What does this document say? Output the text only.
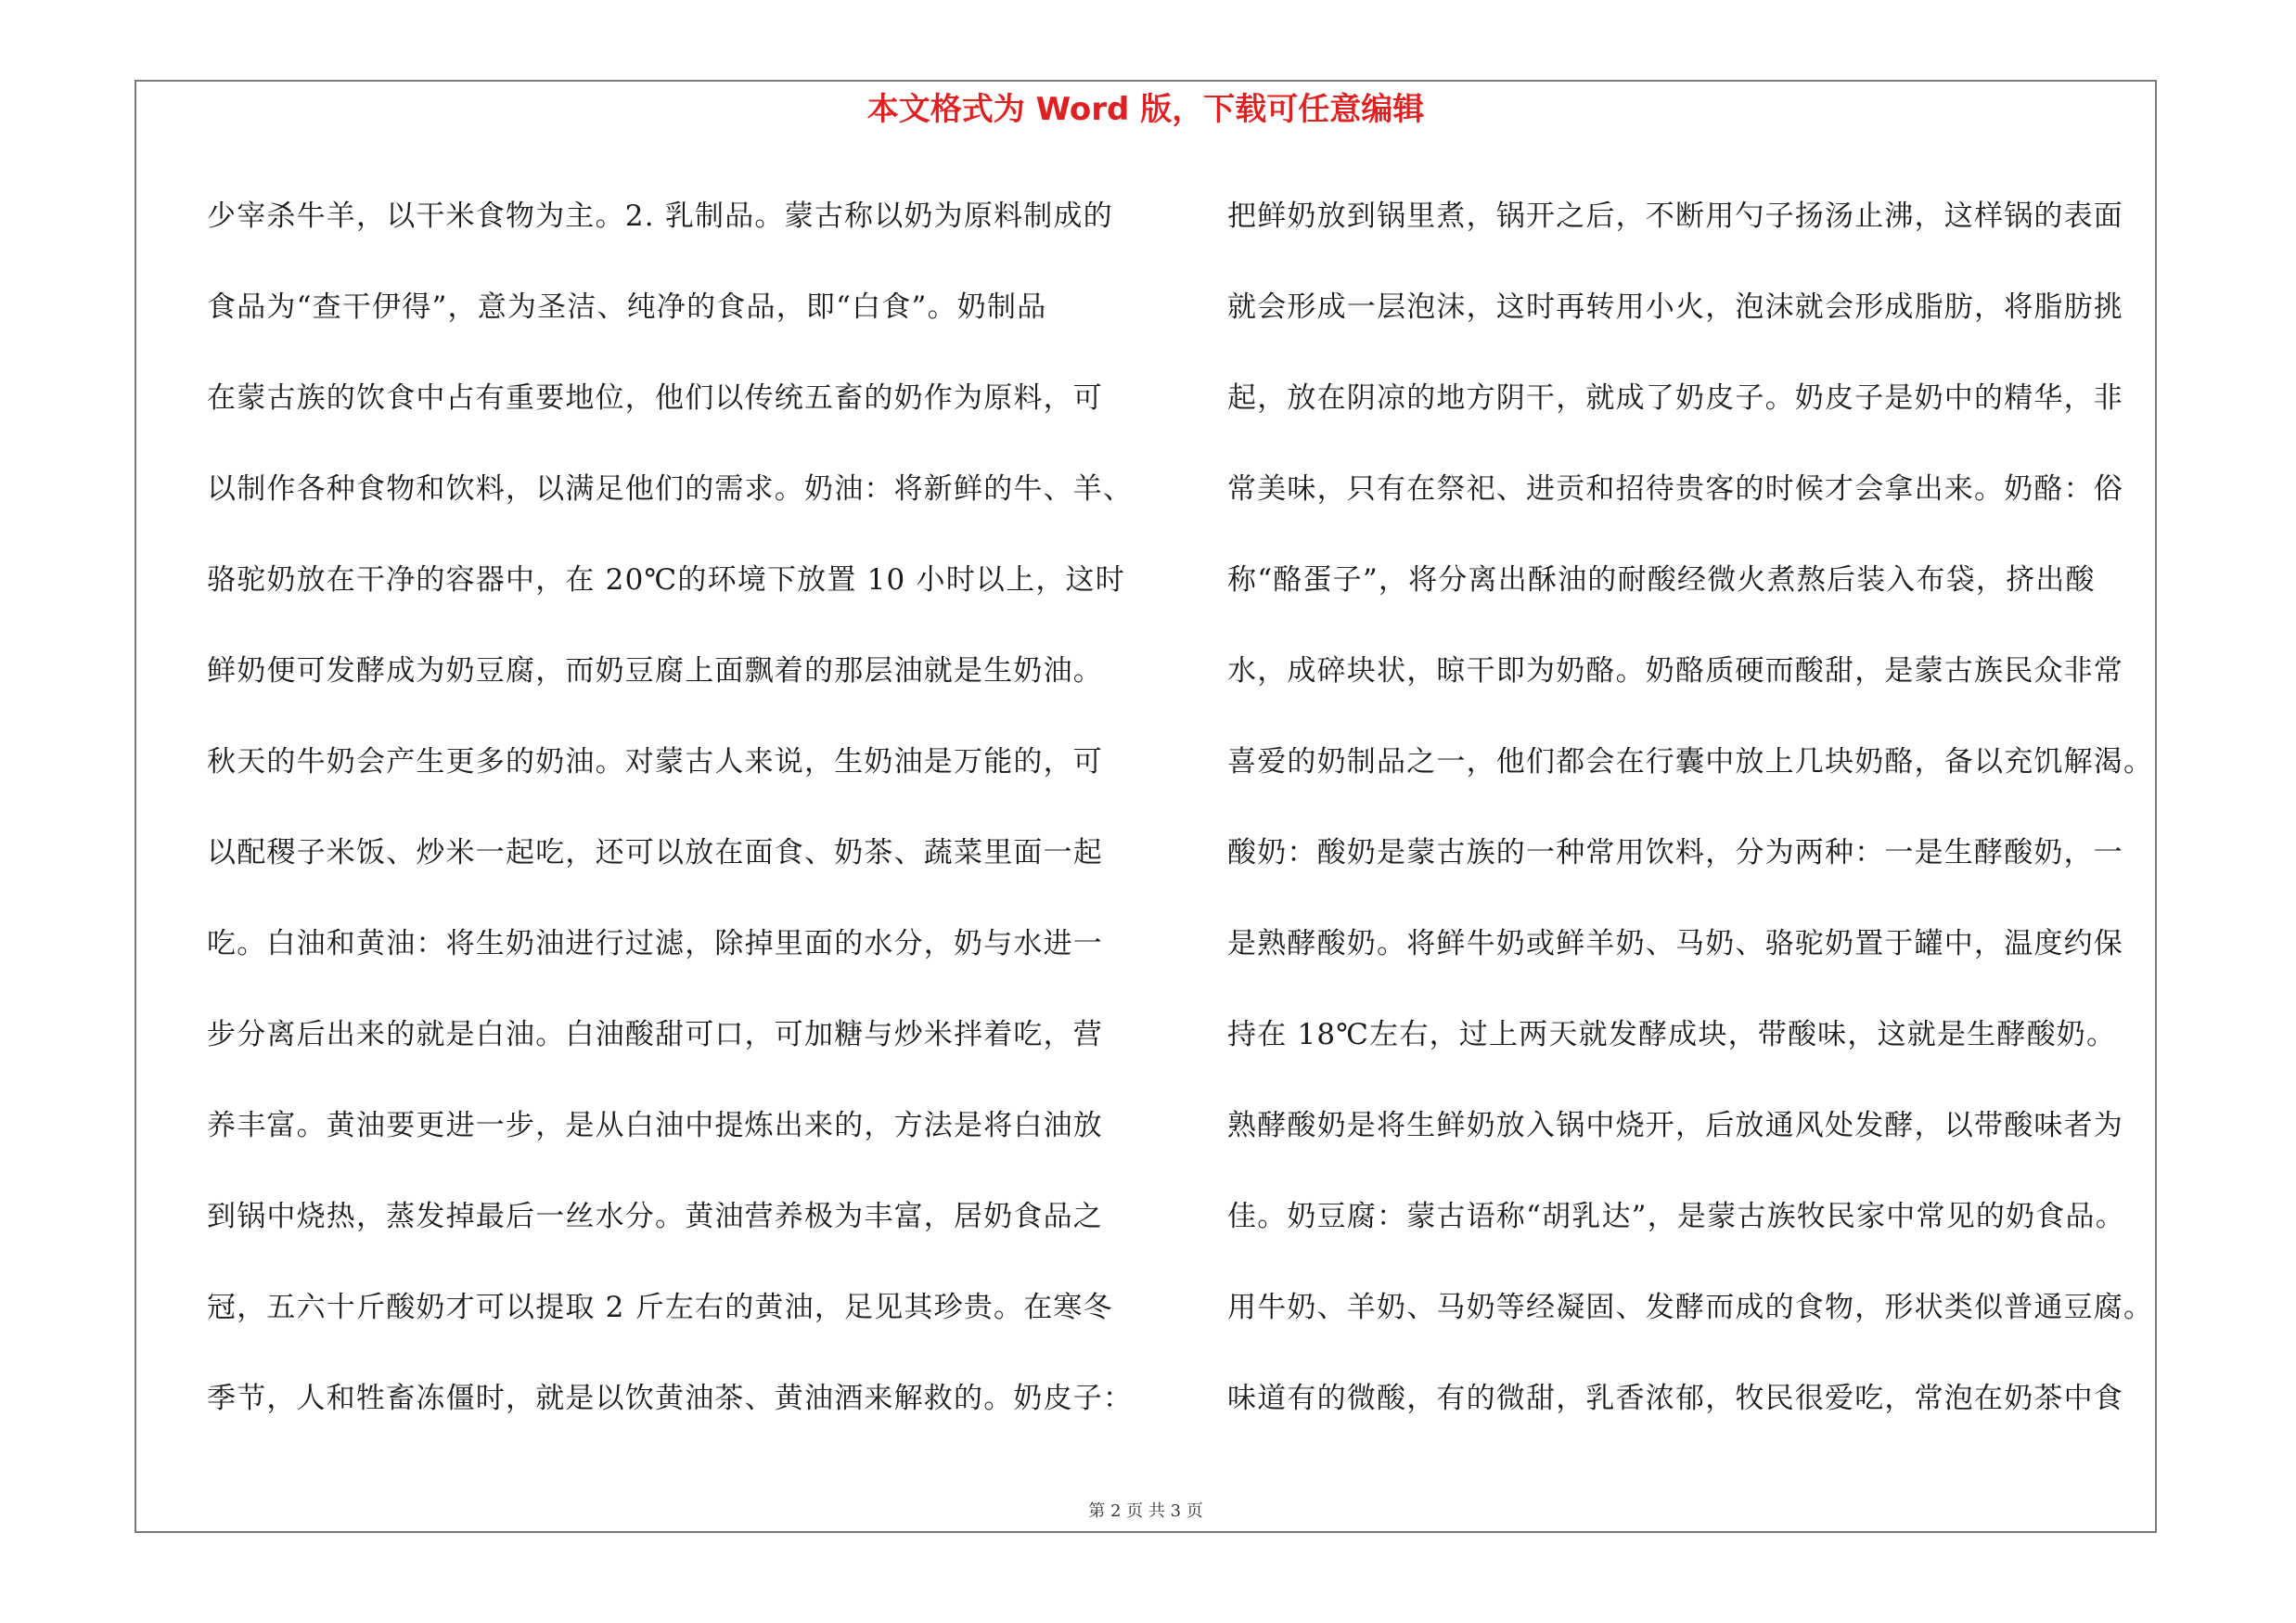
本文格式为 Word 版，下载可任意编辑
少宰杀牛羊，以干米食物为主。2. 乳制品。蒙古称以奶为原料制成的
食品为“查干伊得”，意为圣洁、纯净的食品，即“白食”。奶制品
在蒙古族的饮食中占有重要地位，他们以传统五畜的奶作为原料，可
以制作各种食物和饮料，以满足他们的需求。奶油：将新鲜的牛、羊、
骆驼奶放在干净的容器中，在 20℃的环境下放置 10 小时以上，这时
鲜奶便可发酵成为奶豆腐，而奶豆腐上面飘着的那层油就是生奶油。
秋天的牛奶会产生更多的奶油。对蒙古人来说，生奶油是万能的，可
以配稷子米饭、炒米一起吃，还可以放在面食、奶茶、蔬菜里面一起
吃。白油和黄油：将生奶油进行过滤，除掉里面的水分，奶与水进一
步分离后出来的就是白油。白油酸甜可口，可加糖与炒米拌着吃，营
养丰富。黄油要更进一步，是从白油中提炼出来的，方法是将白油放
到锅中烧热，蒸发掉最后一丝水分。黄油营养极为丰富，居奶食品之
冠，五六十斤酸奶才可以提取 2 斤左右的黄油，足见其珍贵。在寒冬
季节，人和牲畜冻僵时，就是以饮黄油茶、黄油酒来解救的。奶皮子：
把鲜奶放到锅里煮，锅开之后，不断用勺子扬汤止沸，这样锅的表面
就会形成一层泡沫，这时再转用小火，泡沫就会形成脂肪，将脂肪挑
起，放在阴凉的地方阴干，就成了奶皮子。奶皮子是奶中的精华，非
常美味，只有在祭祀、进贡和招待贵客的时候才会拿出来。奶酪：俗
称“酪蛋子”，将分离出酥油的耐酸经微火煮熬后装入布袋，挤出酸
水，成碎块状，晾干即为奶酪。奶酪质硬而酸甜，是蒙古族民众非常
喜爱的奶制品之一，他们都会在行囊中放上几块奶酪，备以充饥解渴。
酸奶：酸奶是蒙古族的一种常用饮料，分为两种：一是生酵酸奶，一
是熟酵酸奶。将鲜牛奶或鲜羊奶、马奶、骆驼奶置于罐中，温度约保
持在 18℃左右，过上两天就发酵成块，带酸味，这就是生酵酸奶。
熟酵酸奶是将生鲜奶放入锅中烧开，后放通风处发酵，以带酸味者为
佳。奶豆腐：蒙古语称“胡乳达”，是蒙古族牧民家中常见的奶食品。
用牛奶、羊奶、马奶等经凝固、发酵而成的食物，形状类似普通豆腐。
味道有的微酸，有的微甜，乳香浓郁，牧民很爱吃，常泡在奶茶中食
第 2 页 共 3 页
